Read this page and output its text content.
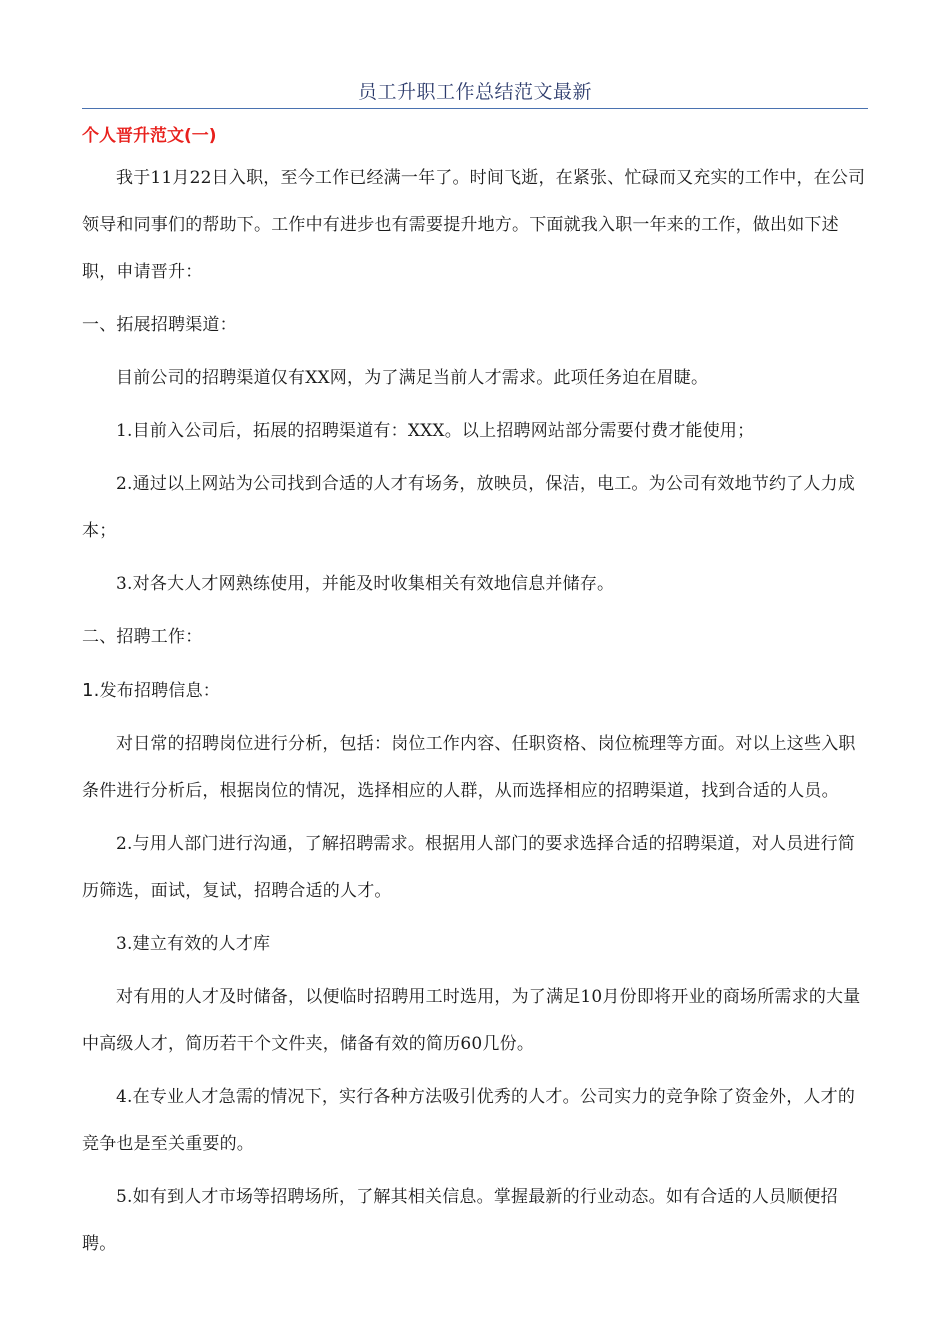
员工升职工作总结范文最新
个人晋升范文(一)

我于11月22日入职，至今工作已经满一年了。时间飞逝，在紧张、忙碌而又充实的工作中，在公司领导和同事们的帮助下。工作中有进步也有需要提升地方。下面就我入职一年来的工作，做出如下述职，申请晋升：

一、拓展招聘渠道：

目前公司的招聘渠道仅有XX网，为了满足当前人才需求。此项任务迫在眉睫。

1.目前入公司后，拓展的招聘渠道有：XXX。以上招聘网站部分需要付费才能使用；

2.通过以上网站为公司找到合适的人才有场务，放映员，保洁，电工。为公司有效地节约了人力成本；

3.对各大人才网熟练使用，并能及时收集相关有效地信息并储存。

二、招聘工作：

1.发布招聘信息：

对日常的招聘岗位进行分析，包括：岗位工作内容、任职资格、岗位梳理等方面。对以上这些入职条件进行分析后，根据岗位的情况，选择相应的人群，从而选择相应的招聘渠道，找到合适的人员。

2.与用人部门进行沟通，了解招聘需求。根据用人部门的要求选择合适的招聘渠道，对人员进行简历筛选，面试，复试，招聘合适的人才。

3.建立有效的人才库

对有用的人才及时储备，以便临时招聘用工时选用，为了满足10月份即将开业的商场所需求的大量中高级人才，简历若干个文件夹，储备有效的简历60几份。

4.在专业人才急需的情况下，实行各种方法吸引优秀的人才。公司实力的竞争除了资金外，人才的竞争也是至关重要的。

5.如有到人才市场等招聘场所，了解其相关信息。掌握最新的行业动态。如有合适的人员顺便招聘。
